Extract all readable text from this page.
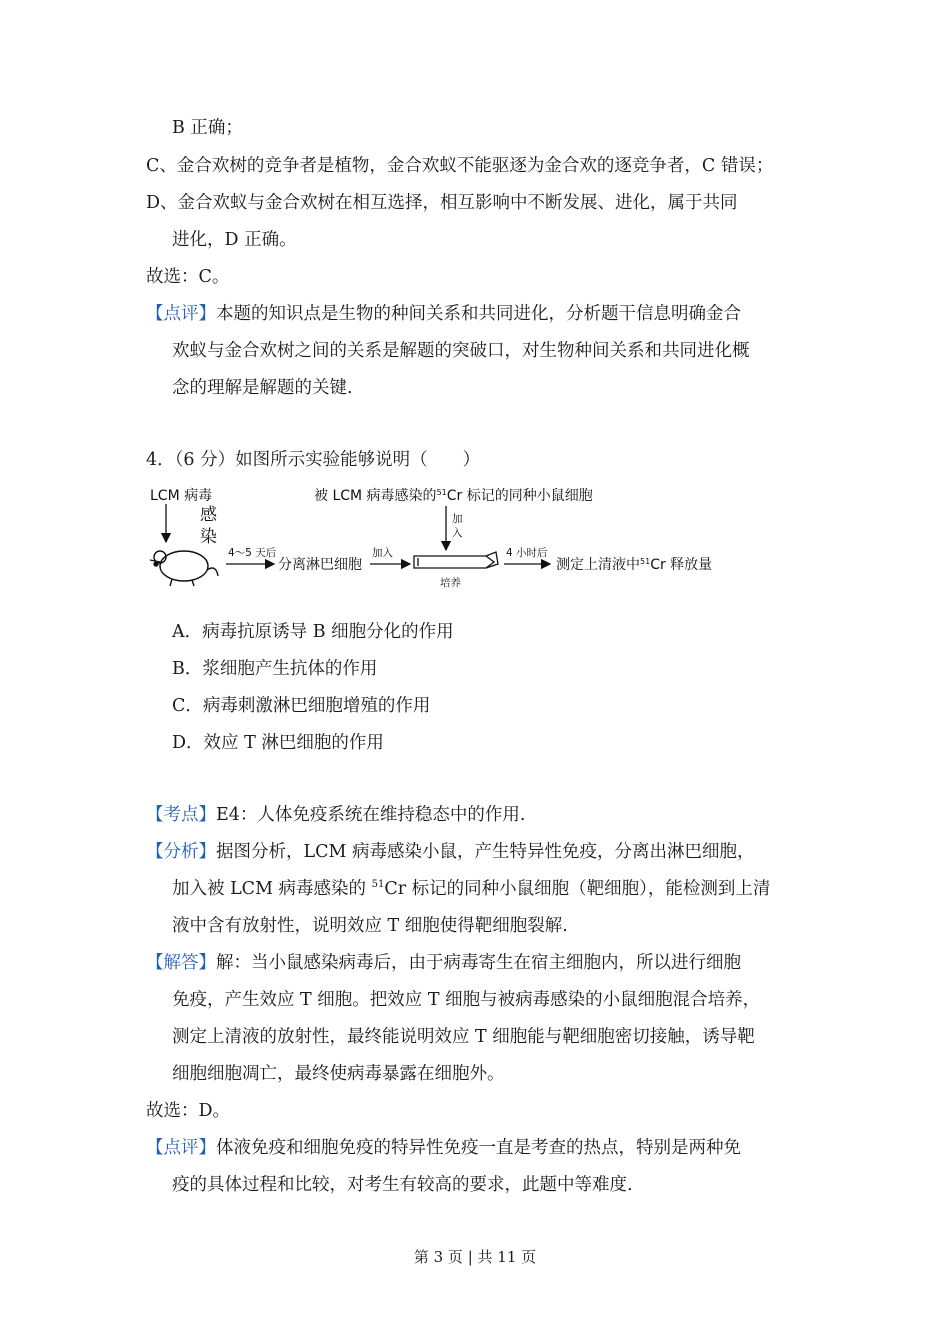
B 正确；
C、金合欢树的竞争者是植物，金合欢蚁不能驱逐为金合欢的逐竞争者，C 错误；
D、金合欢蚁与金合欢树在相互选择，相互影响中不断发展、进化，属于共同
进化，D 正确。
故选：C。
【点评】本题的知识点是生物的种间关系和共同进化，分析题干信息明确金合
欢蚁与金合欢树之间的关系是解题的突破口，对生物种间关系和共同进化概
念的理解是解题的关键.
4．（6 分）如图所示实验能够说明（　　）
LCM 病毒
感
染
4～5 天后
分离淋巴细胞
加入
被 LCM 病毒感染的$^{51}$Cr 标记的同种小鼠细胞
加
入
培养
4 小时后
测定上清液中$^{51}$Cr 释放量
A．病毒抗原诱导 B 细胞分化的作用
B．浆细胞产生抗体的作用
C．病毒刺激淋巴细胞增殖的作用
D．效应 T 淋巴细胞的作用
【考点】E4：人体免疫系统在维持稳态中的作用.
【分析】据图分析，LCM 病毒感染小鼠，产生特异性免疫，分离出淋巴细胞，
加入被 LCM 病毒感染的 $^{51}$Cr 标记的同种小鼠细胞（靶细胞），能检测到上清
液中含有放射性，说明效应 T 细胞使得靶细胞裂解.
【解答】解：当小鼠感染病毒后，由于病毒寄生在宿主细胞内，所以进行细胞
免疫，产生效应 T 细胞。把效应 T 细胞与被病毒感染的小鼠细胞混合培养，
测定上清液的放射性，最终能说明效应 T 细胞能与靶细胞密切接触，诱导靶
细胞细胞凋亡，最终使病毒暴露在细胞外。
故选：D。
【点评】体液免疫和细胞免疫的特异性免疫一直是考查的热点，特别是两种免
疫的具体过程和比较，对考生有较高的要求，此题中等难度.
第 3 页 | 共 11 页
